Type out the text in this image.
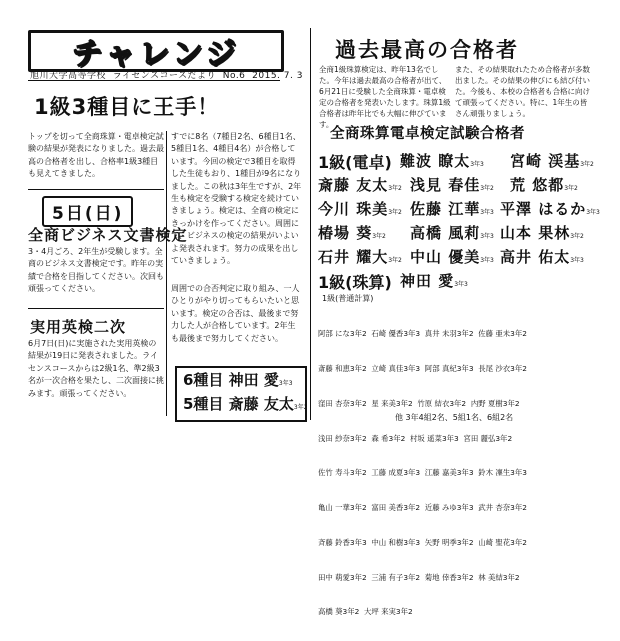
チャレンジ
旭川大学高等学校 ライセンスコースだより No.6 2015. 7. 3
1級3種目に王手！

トップを切って全商珠算・電卓検定試験の結果が発表になりました。過去最高の合格者を出し、合格率1級3種目も見えてきました。

5日(日)
全商ビジネス文書検定

3・4月ごろ、2年生が受験します。全商のビジネス文書検定です。昨年の実績で合格を目指してください。次回も頑張ってください。

実用英検二次

6月7日(日)に実施された実用英検の結果が19日に発表されました。ライセンスコースからは2級1名、準2級3名が一次合格を果たし、二次面接に挑みます。頑張ってください。

すでに8名（7種目2名、6種目1名、5種目1名、4種目4名）が合格しています。今回の検定で3種目を取得した生徒もおり、1種目が9名になりました。この秋は3年生ですが、2年生も検定を受験する検定を続けていきましょう。検定は、全商の検定にきっかけを作ってください。周囲にて、ビジネスの検定の結果がいよいよ発表されます。努力の成果を出していきましょう。

周囲での合否判定に取り組み、一人ひとりがやり切ってもらいたいと思います。検定の合否は、最後まで努力した人が合格しています。2年生も最後まで努力してください。

6種目 神田 愛3年3
5種目 斎藤 友太3年2
過去最高の合格者

全商1級珠算検定は、昨年13名でした。今年は過去最高の合格者が出て、6月21日に受験した全商珠算・電卓検定の合格者を発表いたします。珠算1級合格者は昨年比でも大幅に伸びています。

また、その結果取れたため合格者が多数出ました。その結果の伸びにも結び付いた。今後も、本校の合格者も合格に向けて頑張ってください。特に、1年生の皆さん頑張りましょう。

全商珠算電卓検定試験合格者
1級(電卓) 難波 瞭太3年3 宮崎 渓基3年2
斎藤 友太3年2 浅見 春佳3年2 荒 悠都3年2
今川 珠美3年2 佐藤 江華3年3 平澤 はるか3年3
椿場 葵3年2 高橋 風莉3年3 山本 果林3年2
石井 耀大3年2 中山 優美3年3 高井 佑太3年3
1級(珠算) 神田 愛3年3
1級(普通計算)

阿部 にな3年2  石崎 優香3年3  真井 未羽3年2  佐藤 亜未3年2

斎藤 和恵3年2  立崎 真佳3年3  阿部 真紀3年3  長尾 沙衣3年2

窪田 杏奈3年2  星 来美3年2  竹原 結衣3年2  内野 夏樹3年2

浅田 紗奈3年2  森 希3年2  村坂 遥菜3年3  宮田 麗弘3年2

佐竹 寿斗3年2  工藤 成夏3年3  江藤 嘉美3年3  鈴木 凜生3年3

亀山 一華3年2  富田 美香3年2  近藤 みゆ3年3  武井 杏奈3年2

斉藤 鈴香3年3  中山 和樹3年3  矢野 明季3年2  山崎 聖花3年2

田中 萌愛3年2  三浦 有子3年2  菊地 倖香3年2  林 美結3年2

高橋 葵3年2  大坪 来実3年2

他 3年4組2名、5組1名、6組2名
